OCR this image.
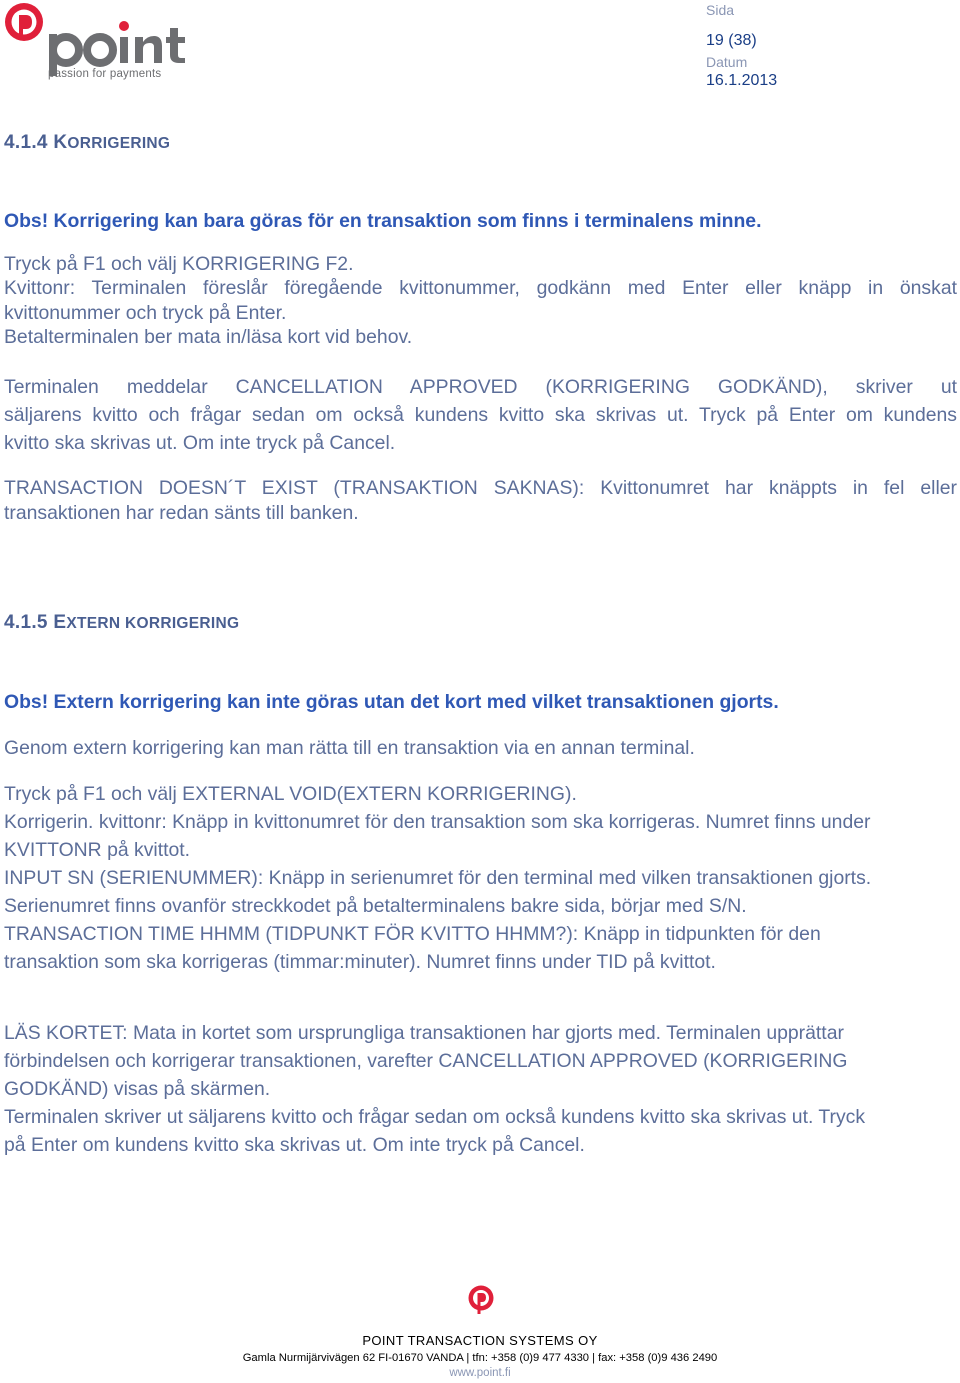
passion for payments
Sida
19 (38)
Datum
16.1.2013
4.1.4 KORRIGERING

Obs! Korrigering kan bara göras för en transaktion som finns i terminalens minne.

Tryck på F1 och välj KORRIGERING F2.
Kvittonr: Terminalen föreslår föregående kvittonummer, godkänn med Enter eller knäpp in önskat
kvittonummer och tryck på Enter.
Betalterminalen ber mata in/läsa kort vid behov.

Terminalen meddelar CANCELLATION APPROVED (KORRIGERING GODKÄND), skriver ut
säljarens kvitto och frågar sedan om också kundens kvitto ska skrivas ut. Tryck på Enter om kundens
kvitto ska skrivas ut. Om inte tryck på Cancel.

TRANSACTION DOESN´T EXIST (TRANSAKTION SAKNAS): Kvittonumret har knäppts in fel eller
transaktionen har redan sänts till banken.

4.1.5 EXTERN KORRIGERING

Obs! Extern korrigering kan inte göras utan det kort med vilket transaktionen gjorts.

Genom extern korrigering kan man rätta till en transaktion via en annan terminal.

Tryck på F1 och välj EXTERNAL VOID(EXTERN KORRIGERING).
Korrigerin. kvittonr: Knäpp in kvittonumret för den transaktion som ska korrigeras. Numret finns under
KVITTONR på kvittot.
INPUT SN (SERIENUMMER): Knäpp in serienumret för den terminal med vilken transaktionen gjorts.
Serienumret finns ovanför streckkodet på betalterminalens bakre sida, börjar med S/N.
TRANSACTION TIME HHMM (TIDPUNKT FÖR KVITTO HHMM?): Knäpp in tidpunkten för den
transaktion som ska korrigeras (timmar:minuter). Numret finns under TID på kvittot.

LÄS KORTET: Mata in kortet som ursprungliga transaktionen har gjorts med. Terminalen upprättar
förbindelsen och korrigerar transaktionen, varefter CANCELLATION APPROVED (KORRIGERING
GODKÄND) visas på skärmen.
Terminalen skriver ut säljarens kvitto och frågar sedan om också kundens kvitto ska skrivas ut. Tryck
på Enter om kundens kvitto ska skrivas ut. Om inte tryck på Cancel.

POINT TRANSACTION SYSTEMS OY
Gamla Nurmijärvivägen 62 FI-01670 VANDA | tfn: +358 (0)9 477 4330 | fax: +358 (0)9 436 2490
www.point.fi
